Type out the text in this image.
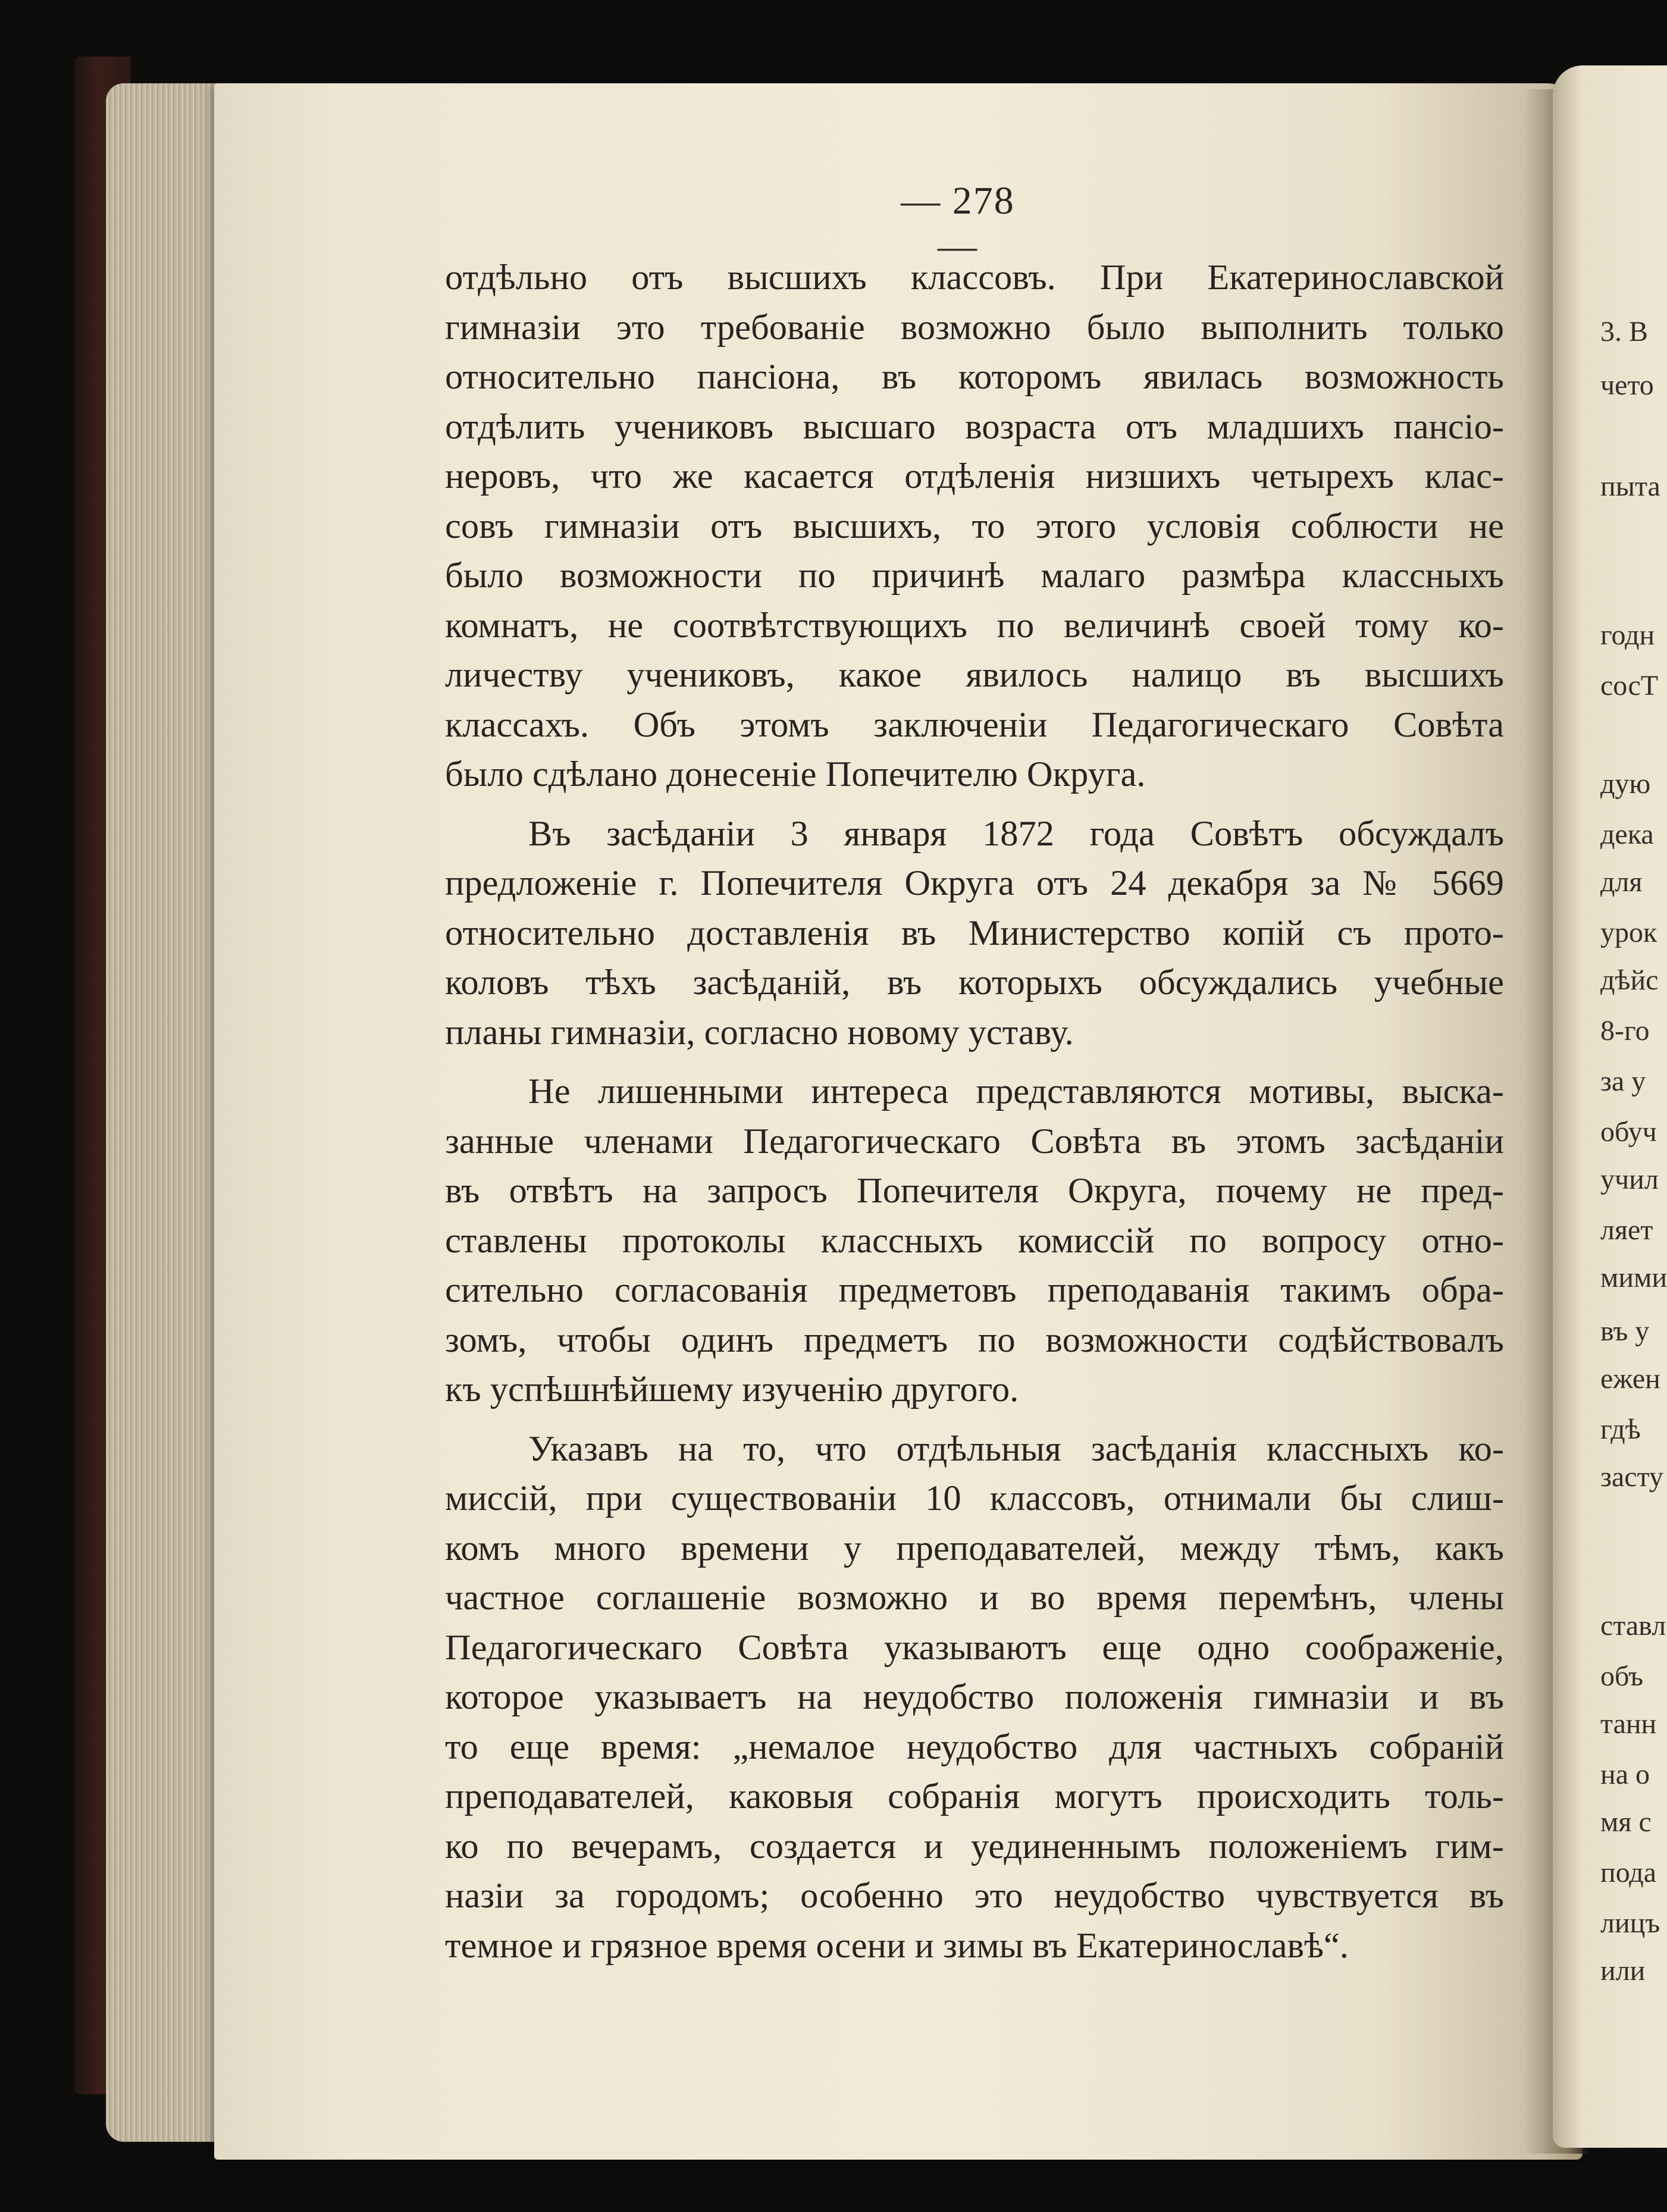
3. В
чето
пыта
годн
сосТ
дую
дека
для
урок
дѣйс
8-го
за у
обуч
учил
ляет
мими
въ у
ежен
гдѣ
засту
ставл
объ
танн
на о
мя с
пода
лицъ
или
— 278 —
отдѣльно отъ высшихъ классовъ. При Екатеринославской
гимназіи это требованіе возможно было выполнить только
относительно пансіона, въ которомъ явилась возможность
отдѣлить учениковъ высшаго возраста отъ младшихъ пансіо-
неровъ, что же касается отдѣленія низшихъ четырехъ клас-
совъ гимназіи отъ высшихъ, то этого условія соблюсти не
было возможности по причинѣ малаго размѣра классныхъ
комнатъ, не соотвѣтствующихъ по величинѣ своей тому ко-
личеству учениковъ, какое явилось налицо въ высшихъ
классахъ. Объ этомъ заключеніи Педагогическаго Совѣта
было сдѣлано донесеніе Попечителю Округа.
Въ засѣданіи 3 января 1872 года Совѣтъ обсуждалъ
предложеніе г. Попечителя Округа отъ 24 декабря за № 5669
относительно доставленія въ Министерство копій съ прото-
коловъ тѣхъ засѣданій, въ которыхъ обсуждались учебные
планы гимназіи, согласно новому уставу.
Не лишенными интереса представляются мотивы, выска-
занные членами Педагогическаго Совѣта въ этомъ засѣданіи
въ отвѣтъ на запросъ Попечителя Округа, почему не пред-
ставлены протоколы классныхъ комиссій по вопросу отно-
сительно согласованія предметовъ преподаванія такимъ обра-
зомъ, чтобы одинъ предметъ по возможности содѣйствовалъ
къ успѣшнѣйшему изученію другого.
Указавъ на то, что отдѣльныя засѣданія классныхъ ко-
миссій, при существованіи 10 классовъ, отнимали бы слиш-
комъ много времени у преподавателей, между тѣмъ, какъ
частное соглашеніе возможно и во время перемѣнъ, члены
Педагогическаго Совѣта указываютъ еще одно соображеніе,
которое указываетъ на неудобство положенія гимназіи и въ
то еще время: „немалое неудобство для частныхъ собраній
преподавателей, каковыя собранія могутъ происходить толь-
ко по вечерамъ, создается и уединеннымъ положеніемъ гим-
назіи за городомъ; особенно это неудобство чувствуется въ
темное и грязное время осени и зимы въ Екатеринославѣ“.
